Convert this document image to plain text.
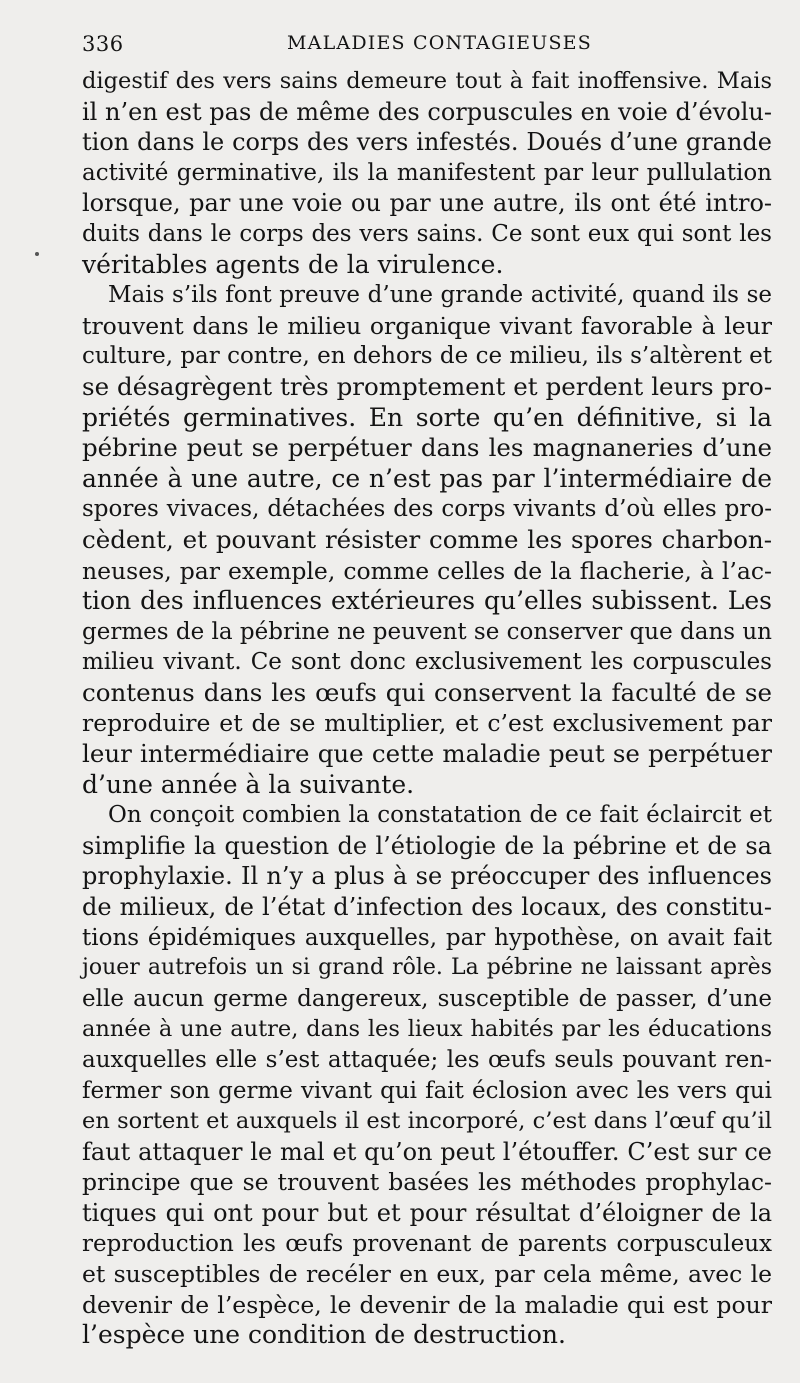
336	MALADIES CONTAGIEUSES
digestif des vers sains demeure tout à fait inoffensive. Mais
il n’en est pas de même des corpuscules en voie d’évolu-
tion dans le corps des vers infestés. Doués d’une grande
activité germinative, ils la manifestent par leur pullulation
lorsque, par une voie ou par une autre, ils ont été intro-
duits dans le corps des vers sains. Ce sont eux qui sont les
véritables agents de la virulence.
Mais s’ils font preuve d’une grande activité, quand ils se
trouvent dans le milieu organique vivant favorable à leur
culture, par contre, en dehors de ce milieu, ils s’altèrent et
se désagrègent très promptement et perdent leurs pro-
priétés germinatives. En sorte qu’en définitive, si la
pébrine peut se perpétuer dans les magnaneries d’une
année à une autre, ce n’est pas par l’intermédiaire de
spores vivaces, détachées des corps vivants d’où elles pro-
cèdent, et pouvant résister comme les spores charbon-
neuses, par exemple, comme celles de la flacherie, à l’ac-
tion des influences extérieures qu’elles subissent. Les
germes de la pébrine ne peuvent se conserver que dans un
milieu vivant. Ce sont donc exclusivement les corpuscules
contenus dans les œufs qui conservent la faculté de se
reproduire et de se multiplier, et c’est exclusivement par
leur intermédiaire que cette maladie peut se perpétuer
d’une année à la suivante.
On conçoit combien la constatation de ce fait éclaircit et
simplifie la question de l’étiologie de la pébrine et de sa
prophylaxie. Il n’y a plus à se préoccuper des influences
de milieux, de l’état d’infection des locaux, des constitu-
tions épidémiques auxquelles, par hypothèse, on avait fait
jouer autrefois un si grand rôle. La pébrine ne laissant après
elle aucun germe dangereux, susceptible de passer, d’une
année à une autre, dans les lieux habités par les éducations
auxquelles elle s’est attaquée; les œufs seuls pouvant ren-
fermer son germe vivant qui fait éclosion avec les vers qui
en sortent et auxquels il est incorporé, c’est dans l’œuf qu’il
faut attaquer le mal et qu’on peut l’étouffer. C’est sur ce
principe que se trouvent basées les méthodes prophylac-
tiques qui ont pour but et pour résultat d’éloigner de la
reproduction les œufs provenant de parents corpusculeux
et susceptibles de recéler en eux, par cela même, avec le
devenir de l’espèce, le devenir de la maladie qui est pour
l’espèce une condition de destruction.
